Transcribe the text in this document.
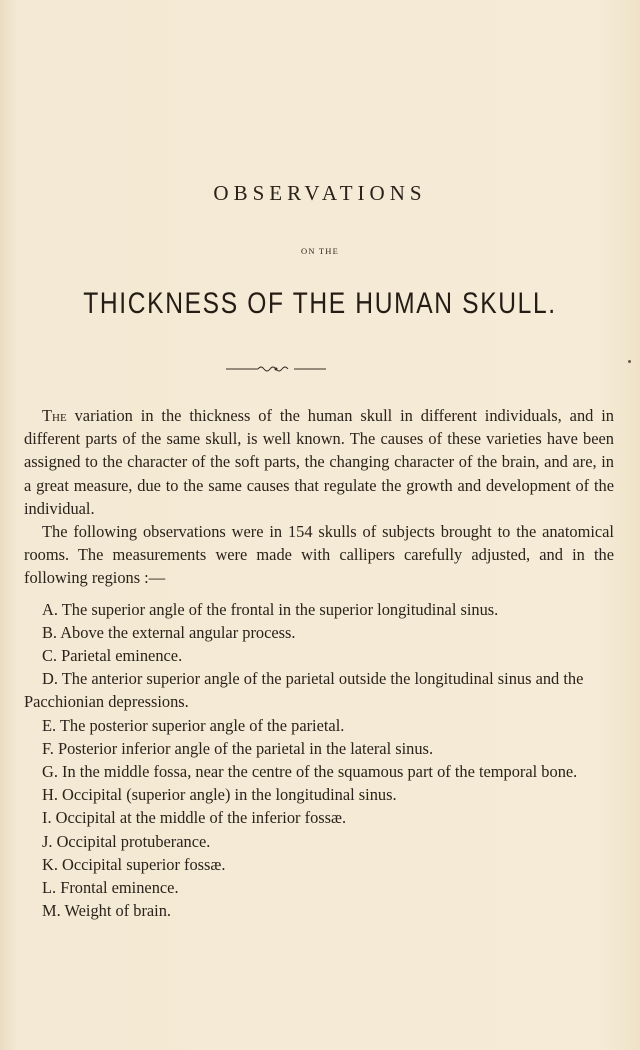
OBSERVATIONS
ON THE
THICKNESS OF THE HUMAN SKULL.

The variation in the thickness of the human skull in different individuals, and in different parts of the same skull, is well known. The causes of these varieties have been assigned to the character of the soft parts, the changing character of the brain, and are, in a great measure, due to the same causes that regulate the growth and development of the individual.

The following observations were in 154 skulls of subjects brought to the anatomical rooms. The measurements were made with callipers carefully adjusted, and in the following regions :—

A. The superior angle of the frontal in the superior longitudinal sinus.
B. Above the external angular process.
C. Parietal eminence.
D. The anterior superior angle of the parietal outside the longitudinal sinus and the Pacchionian depressions.
E. The posterior superior angle of the parietal.
F. Posterior inferior angle of the parietal in the lateral sinus.
G. In the middle fossa, near the centre of the squamous part of the temporal bone.
H. Occipital (superior angle) in the longitudinal sinus.
I. Occipital at the middle of the inferior fossæ.
J. Occipital protuberance.
K. Occipital superior fossæ.
L. Frontal eminence.
M. Weight of brain.
